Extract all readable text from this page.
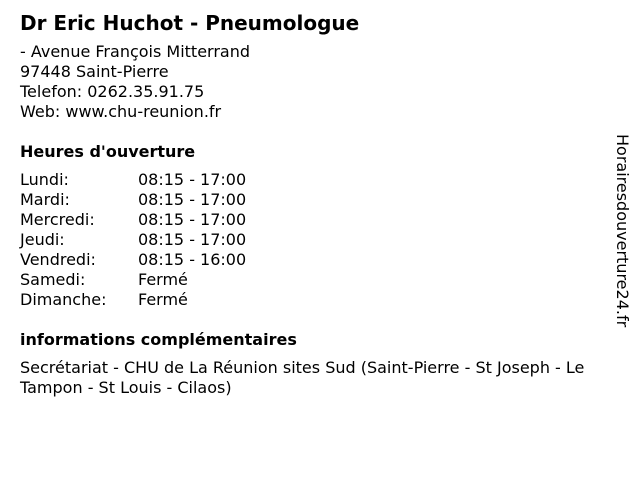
Dr Eric Huchot - Pneumologue
- Avenue François Mitterrand
97448 Saint-Pierre
Telefon: 0262.35.91.75
Web: www.chu-reunion.fr
Heures d'ouverture
Lundi:	08:15 - 17:00
Mardi:	08:15 - 17:00
Mercredi:	08:15 - 17:00
Jeudi:	08:15 - 17:00
Vendredi:	08:15 - 16:00
Samedi:	Fermé
Dimanche:	Fermé
informations complémentaires
Secrétariat - CHU de La Réunion sites Sud (Saint-Pierre - St Joseph - Le Tampon - St Louis - Cilaos)
Horairesdouverture24.fr
